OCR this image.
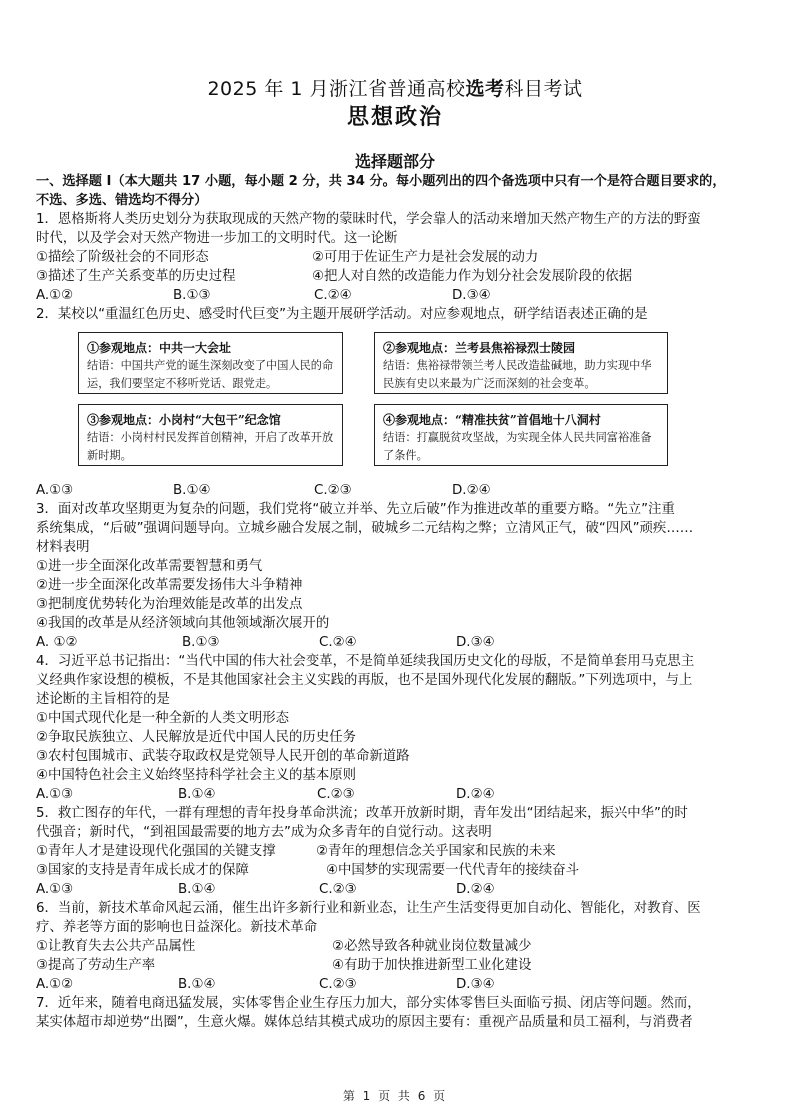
2025 年 1 月浙江省普通高校选考科目考试
思想政治
选择题部分
一、选择题 I（本大题共 17 小题，每小题 2 分，共 34 分。每小题列出的四个备选项中只有一个是符合题目要求的，
不选、多选、错选均不得分）
1．恩格斯将人类历史划分为获取现成的天然产物的蒙昧时代，学会靠人的活动来增加天然产物生产的方法的野蛮
时代，以及学会对天然产物进一步加工的文明时代。这一论断
①描绘了阶级社会的不同形态	②可用于佐证生产力是社会发展的动力
③描述了生产关系变革的历史过程	④把人对自然的改造能力作为划分社会发展阶段的依据
A.①②	B.①③	C.②④	D.③④
2．某校以“重温红色历史、感受时代巨变”为主题开展研学活动。对应参观地点，研学结语表述正确的是
①参观地点：中共一大会址
结语：中国共产党的诞生深刻改变了中国人民的命运，我们要坚定不移听党话、跟党走。
②参观地点：兰考县焦裕禄烈士陵园
结语：焦裕禄带领兰考人民改造盐碱地，助力实现中华民族有史以来最为广泛而深刻的社会变革。
③参观地点：小岗村“大包干”纪念馆
结语：小岗村村民发挥首创精神，开启了改革开放新时期。
④参观地点：“精准扶贫”首倡地十八洞村
结语：打赢脱贫攻坚战，为实现全体人民共同富裕准备了条件。
A.①③	B.①④	C.②③	D.②④
3．面对改革攻坚期更为复杂的问题，我们党将“破立并举、先立后破”作为推进改革的重要方略。“先立”注重
系统集成，“后破”强调问题导向。立城乡融合发展之制，破城乡二元结构之弊；立清风正气，破“四风”顽疾……
材料表明
①进一步全面深化改革需要智慧和勇气
②进一步全面深化改革需要发扬伟大斗争精神
③把制度优势转化为治理效能是改革的出发点
④我国的改革是从经济领域向其他领域渐次展开的
A. ①②	B.①③	C.②④	D.③④
4．习近平总书记指出：“当代中国的伟大社会变革，不是简单延续我国历史文化的母版，不是简单套用马克思主
义经典作家设想的模板，不是其他国家社会主义实践的再版，也不是国外现代化发展的翻版。”下列选项中，与上
述论断的主旨相符的是
①中国式现代化是一种全新的人类文明形态
②争取民族独立、人民解放是近代中国人民的历史任务
③农村包围城市、武装夺取政权是党领导人民开创的革命新道路
④中国特色社会主义始终坚持科学社会主义的基本原则
A.①③	B.①④	C.②③	D.②④
5．救亡图存的年代，一群有理想的青年投身革命洪流；改革开放新时期，青年发出“团结起来，振兴中华”的时
代强音；新时代，“到祖国最需要的地方去”成为众多青年的自觉行动。这表明
①青年人才是建设现代化强国的关键支撑	②青年的理想信念关乎国家和民族的未来
③国家的支持是青年成长成才的保障	④中国梦的实现需要一代代青年的接续奋斗
A.①③	B.①④	C.②③	D.②④
6．当前，新技术革命风起云涌，催生出许多新行业和新业态，让生产生活变得更加自动化、智能化，对教育、医
疗、养老等方面的影响也日益深化。新技术革命
①让教育失去公共产品属性	②必然导致各种就业岗位数量减少
③提高了劳动生产率	④有助于加快推进新型工业化建设
A.①②	B.①④	C.②③	D.③④
7．近年来，随着电商迅猛发展，实体零售企业生存压力加大，部分实体零售巨头面临亏损、闭店等问题。然而，
某实体超市却逆势“出圈”，生意火爆。媒体总结其模式成功的原因主要有：重视产品质量和员工福利，与消费者
第 1 页 共 6 页
